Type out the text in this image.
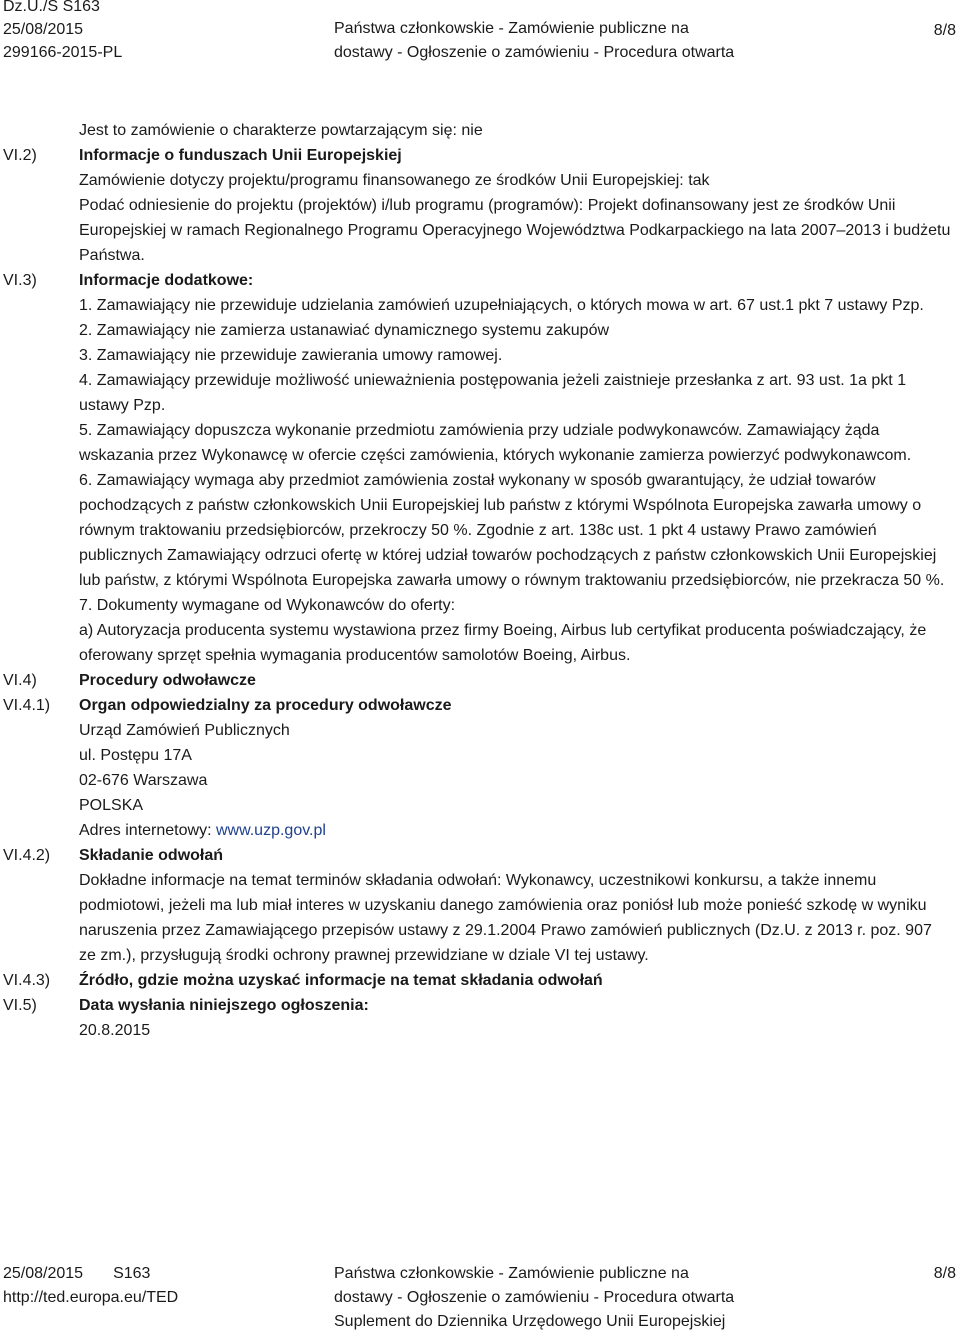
Dz.U./S S163
25/08/2015
299166-2015-PL
Państwa członkowskie - Zamówienie publiczne na
dostawy - Ogłoszenie o zamówieniu - Procedura otwarta
8/8

Jest to zamówienie o charakterze powtarzającym się: nie

VI.2)	Informacje o funduszach Unii Europejskiej

Zamówienie dotyczy projektu/programu finansowanego ze środków Unii Europejskiej: tak

Podać odniesienie do projektu (projektów) i/lub programu (programów): Projekt dofinansowany jest ze środków Unii Europejskiej w ramach Regionalnego Programu Operacyjnego Województwa Podkarpackiego na lata 2007–2013 i budżetu Państwa.

VI.3)	Informacje dodatkowe:

1. Zamawiający nie przewiduje udzielania zamówień uzupełniających, o których mowa w art. 67 ust.1 pkt 7 ustawy Pzp.

2. Zamawiający nie zamierza ustanawiać dynamicznego systemu zakupów

3. Zamawiający nie przewiduje zawierania umowy ramowej.

4. Zamawiający przewiduje możliwość unieważnienia postępowania jeżeli zaistnieje przesłanka z art. 93 ust. 1a pkt 1 ustawy Pzp.

5. Zamawiający dopuszcza wykonanie przedmiotu zamówienia przy udziale podwykonawców. Zamawiający żąda wskazania przez Wykonawcę w ofercie części zamówienia, których wykonanie zamierza powierzyć podwykonawcom.

6. Zamawiający wymaga aby przedmiot zamówienia został wykonany w sposób gwarantujący, że udział towarów pochodzących z państw członkowskich Unii Europejskiej lub państw z którymi Wspólnota Europejska zawarła umowy o równym traktowaniu przedsiębiorców, przekroczy 50 %. Zgodnie z art. 138c ust. 1 pkt 4 ustawy Prawo zamówień publicznych Zamawiający odrzuci ofertę w której udział towarów pochodzących z państw członkowskich Unii Europejskiej lub państw, z którymi Wspólnota Europejska zawarła umowy o równym traktowaniu przedsiębiorców, nie przekracza 50 %.

7. Dokumenty wymagane od Wykonawców do oferty:

a) Autoryzacja producenta systemu wystawiona przez firmy Boeing, Airbus lub certyfikat producenta poświadczający, że oferowany sprzęt spełnia wymagania producentów samolotów Boeing, Airbus.

VI.4)	Procedury odwoławcze

VI.4.1) Organ odpowiedzialny za procedury odwoławcze

Urząd Zamówień Publicznych

ul. Postępu 17A

02-676 Warszawa

POLSKA

Adres internetowy: www.uzp.gov.pl

VI.4.2) Składanie odwołań

Dokładne informacje na temat terminów składania odwołań: Wykonawcy, uczestnikowi konkursu, a także innemu podmiotowi, jeżeli ma lub miał interes w uzyskaniu danego zamówienia oraz poniósł lub może ponieść szkodę w wyniku naruszenia przez Zamawiającego przepisów ustawy z 29.1.2004 Prawo zamówień publicznych (Dz.U. z 2013 r. poz. 907 ze zm.), przysługują środki ochrony prawnej przewidziane w dziale VI tej ustawy.

VI.4.3) Źródło, gdzie można uzyskać informacje na temat składania odwołań

VI.5)	Data wysłania niniejszego ogłoszenia:

20.8.2015

25/08/2015 S163
http://ted.europa.eu/TED
Państwa członkowskie - Zamówienie publiczne na
dostawy - Ogłoszenie o zamówieniu - Procedura otwarta
Suplement do Dziennika Urzędowego Unii Europejskiej
8/8
